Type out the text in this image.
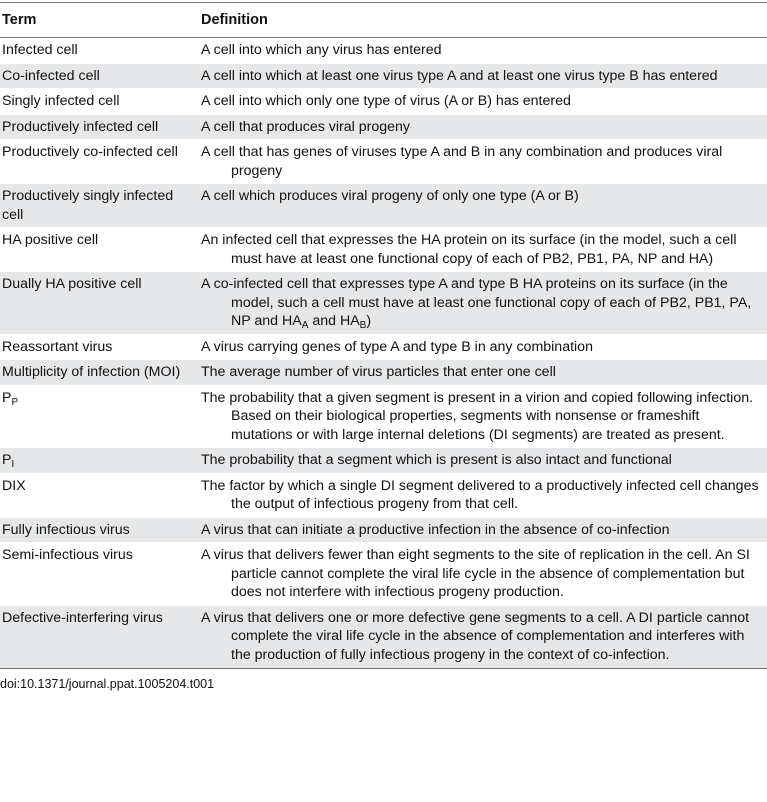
Term	Definition
Infected cell	A cell into which any virus has entered

Co-infected cell	A cell into which at least one virus type A and at least one virus type B has entered

Singly infected cell	A cell into which only one type of virus (A or B) has entered

Productively infected cell	A cell that produces viral progeny

Productively co-infected cell	A cell that has genes of viruses type A and B in any combination and produces viral progeny

Productively singly infected cell	A cell which produces viral progeny of only one type (A or B)

HA positive cell	An infected cell that expresses the HA protein on its surface (in the model, such a cell must have at least one functional copy of each of PB2, PB1, PA, NP and HA)

Dually HA positive cell	A co-infected cell that expresses type A and type B HA proteins on its surface (in the model, such a cell must have at least one functional copy of each of PB2, PB1, PA, NP and $HA_A$ and $HA_B$)

Reassortant virus	A virus carrying genes of type A and type B in any combination

Multiplicity of infection (MOI)	The average number of virus particles that enter one cell

$P_P$	The probability that a given segment is present in a virion and copied following infection. Based on their biological properties, segments with nonsense or frameshift mutations or with large internal deletions (DI segments) are treated as present.

$P_I$	The probability that a segment which is present is also intact and functional

DIX	The factor by which a single DI segment delivered to a productively infected cell changes the output of infectious progeny from that cell.

Fully infectious virus	A virus that can initiate a productive infection in the absence of co-infection

Semi-infectious virus	A virus that delivers fewer than eight segments to the site of replication in the cell. An SI particle cannot complete the viral life cycle in the absence of complementation but does not interfere with infectious progeny production.

Defective-interfering virus	A virus that delivers one or more defective gene segments to a cell. A DI particle cannot complete the viral life cycle in the absence of complementation and interferes with the production of fully infectious progeny in the context of co-infection.
doi:10.1371/journal.ppat.1005204.t001
